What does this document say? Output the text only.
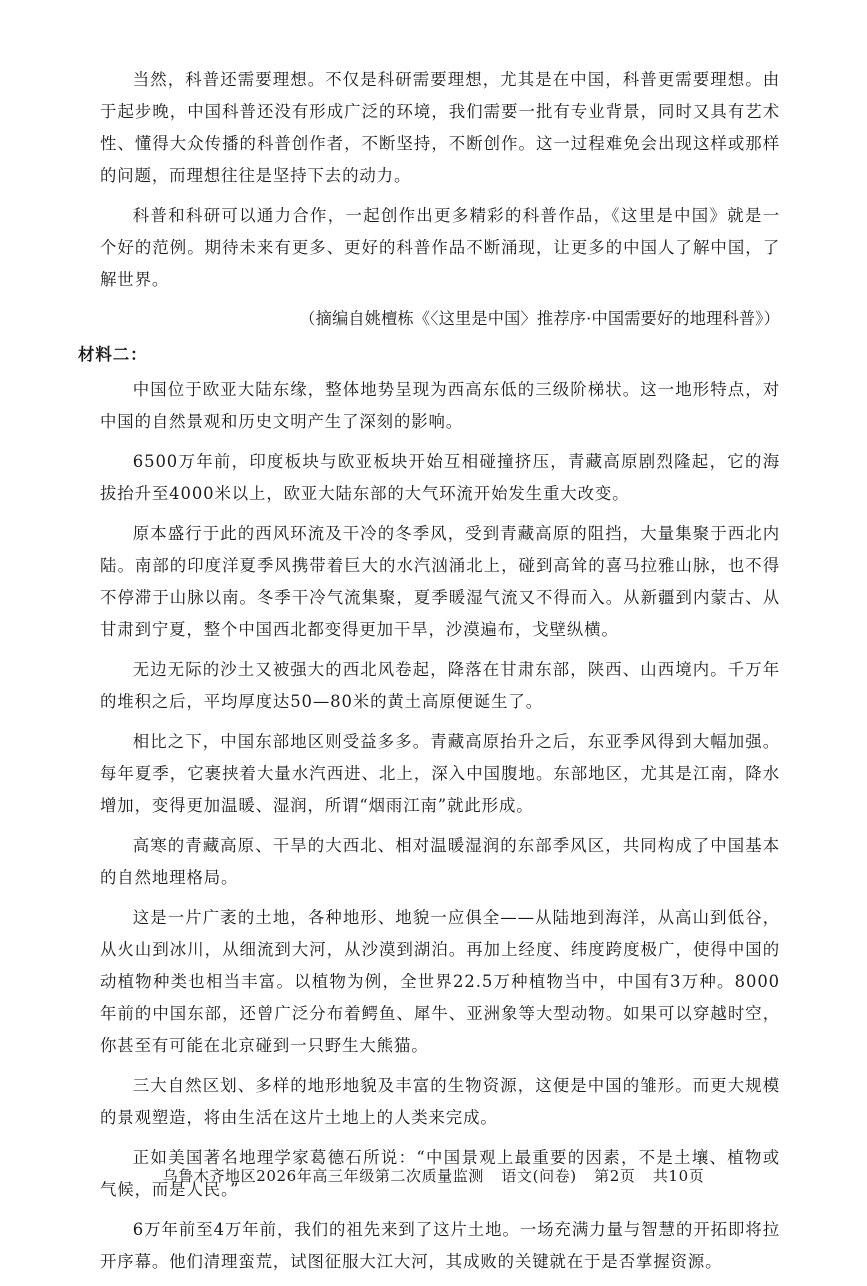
当然，科普还需要理想。不仅是科研需要理想，尤其是在中国，科普更需要理想。由于起步晚，中国科普还没有形成广泛的环境，我们需要一批有专业背景，同时又具有艺术性、懂得大众传播的科普创作者，不断坚持，不断创作。这一过程难免会出现这样或那样的问题，而理想往往是坚持下去的动力。

科普和科研可以通力合作，一起创作出更多精彩的科普作品，《这里是中国》就是一个好的范例。期待未来有更多、更好的科普作品不断涌现，让更多的中国人了解中国，了解世界。

（摘编自姚檀栋《〈这里是中国〉推荐序·中国需要好的地理科普》）

材料二：

中国位于欧亚大陆东缘，整体地势呈现为西高东低的三级阶梯状。这一地形特点，对中国的自然景观和历史文明产生了深刻的影响。

6500万年前，印度板块与欧亚板块开始互相碰撞挤压，青藏高原剧烈隆起，它的海拔抬升至4000米以上，欧亚大陆东部的大气环流开始发生重大改变。

原本盛行于此的西风环流及干冷的冬季风，受到青藏高原的阻挡，大量集聚于西北内陆。南部的印度洋夏季风携带着巨大的水汽汹涌北上，碰到高耸的喜马拉雅山脉，也不得不停滞于山脉以南。冬季干冷气流集聚，夏季暖湿气流又不得而入。从新疆到内蒙古、从甘肃到宁夏，整个中国西北都变得更加干旱，沙漠遍布，戈壁纵横。

无边无际的沙土又被强大的西北风卷起，降落在甘肃东部，陕西、山西境内。千万年的堆积之后，平均厚度达50—80米的黄土高原便诞生了。

相比之下，中国东部地区则受益多多。青藏高原抬升之后，东亚季风得到大幅加强。每年夏季，它裹挟着大量水汽西进、北上，深入中国腹地。东部地区，尤其是江南，降水增加，变得更加温暖、湿润，所谓“烟雨江南”就此形成。

高寒的青藏高原、干旱的大西北、相对温暖湿润的东部季风区，共同构成了中国基本的自然地理格局。

这是一片广袤的土地，各种地形、地貌一应俱全——从陆地到海洋，从高山到低谷，从火山到冰川，从细流到大河，从沙漠到湖泊。再加上经度、纬度跨度极广，使得中国的动植物种类也相当丰富。以植物为例，全世界22.5万种植物当中，中国有3万种。8000年前的中国东部，还曾广泛分布着鳄鱼、犀牛、亚洲象等大型动物。如果可以穿越时空，你甚至有可能在北京碰到一只野生大熊猫。

三大自然区划、多样的地形地貌及丰富的生物资源，这便是中国的雏形。而更大规模的景观塑造，将由生活在这片土地上的人类来完成。

正如美国著名地理学家葛德石所说：“中国景观上最重要的因素，不是土壤、植物或气候，而是人民。”

6万年前至4万年前，我们的祖先来到了这片土地。一场充满力量与智慧的开拓即将拉开序幕。他们清理蛮荒，试图征服大江大河，其成败的关键就在于是否掌握资源。

乌鲁木齐地区2026年高三年级第二次质量监测 语文(问卷) 第2页 共10页
